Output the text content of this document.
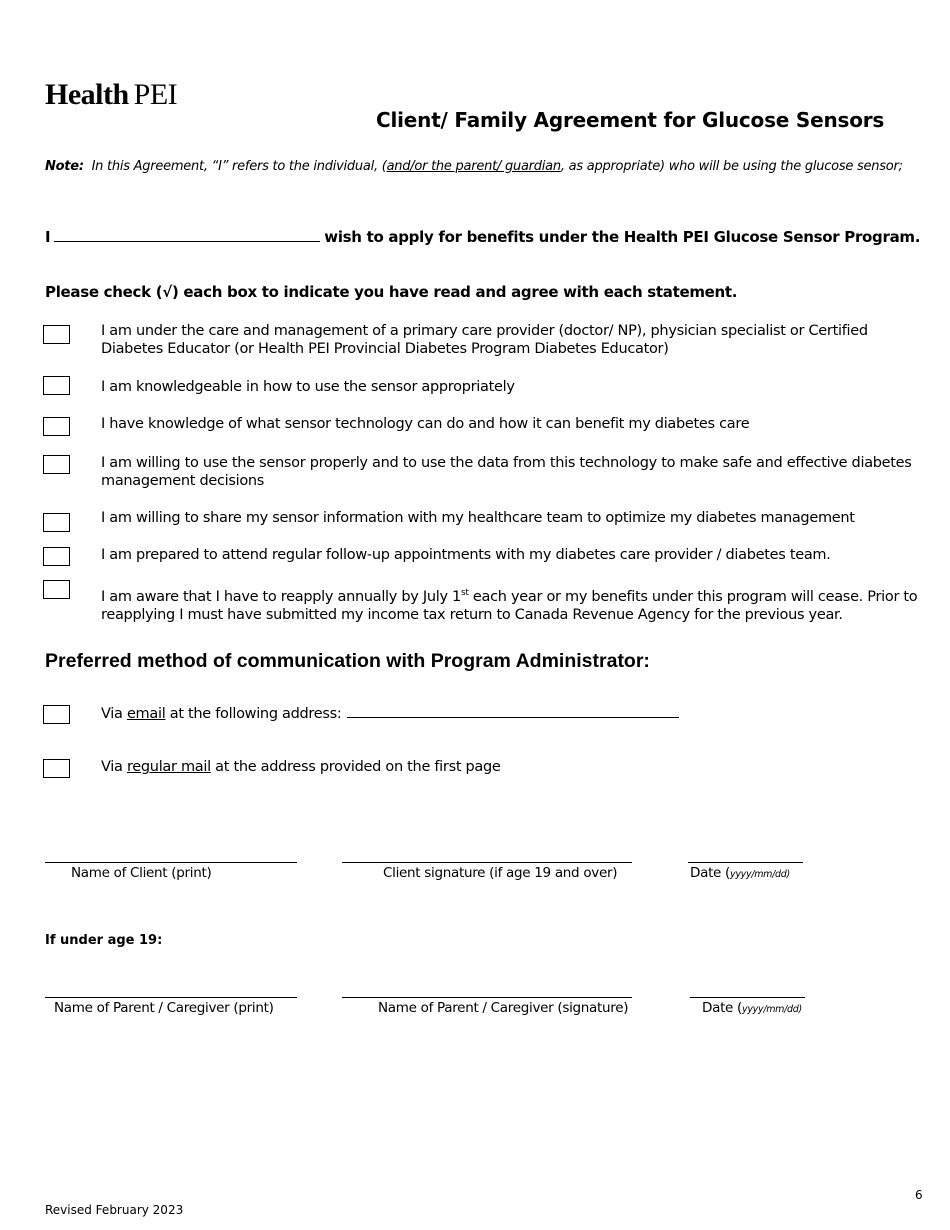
Health PEI
Client/ Family Agreement for Glucose Sensors
Note: In this Agreement, “I” refers to the individual, (and/or the parent/ guardian, as appropriate) who will be using the glucose sensor;
I	wish to apply for benefits under the Health PEI Glucose Sensor Program.
Please check (√) each box to indicate you have read and agree with each statement.
I am under the care and management of a primary care provider (doctor/ NP), physician specialist or Certified Diabetes Educator (or Health PEI Provincial Diabetes Program Diabetes Educator)
I am knowledgeable in how to use the sensor appropriately
I have knowledge of what sensor technology can do and how it can benefit my diabetes care
I am willing to use the sensor properly and to use the data from this technology to make safe and effective diabetes management decisions
I am willing to share my sensor information with my healthcare team to optimize my diabetes management
I am prepared to attend regular follow-up appointments with my diabetes care provider / diabetes team.
I am aware that I have to reapply annually by July 1st each year or my benefits under this program will cease. Prior to reapplying I must have submitted my income tax return to Canada Revenue Agency for the previous year.
Preferred method of communication with Program Administrator:
Via email at the following address:
Via regular mail at the address provided on the first page
Name of Client (print)	Client signature (if age 19 and over)	Date (yyyy/mm/dd)
If under age 19:
Name of Parent / Caregiver (print)	Name of Parent / Caregiver (signature)	Date (yyyy/mm/dd)
6
Revised February 2023
